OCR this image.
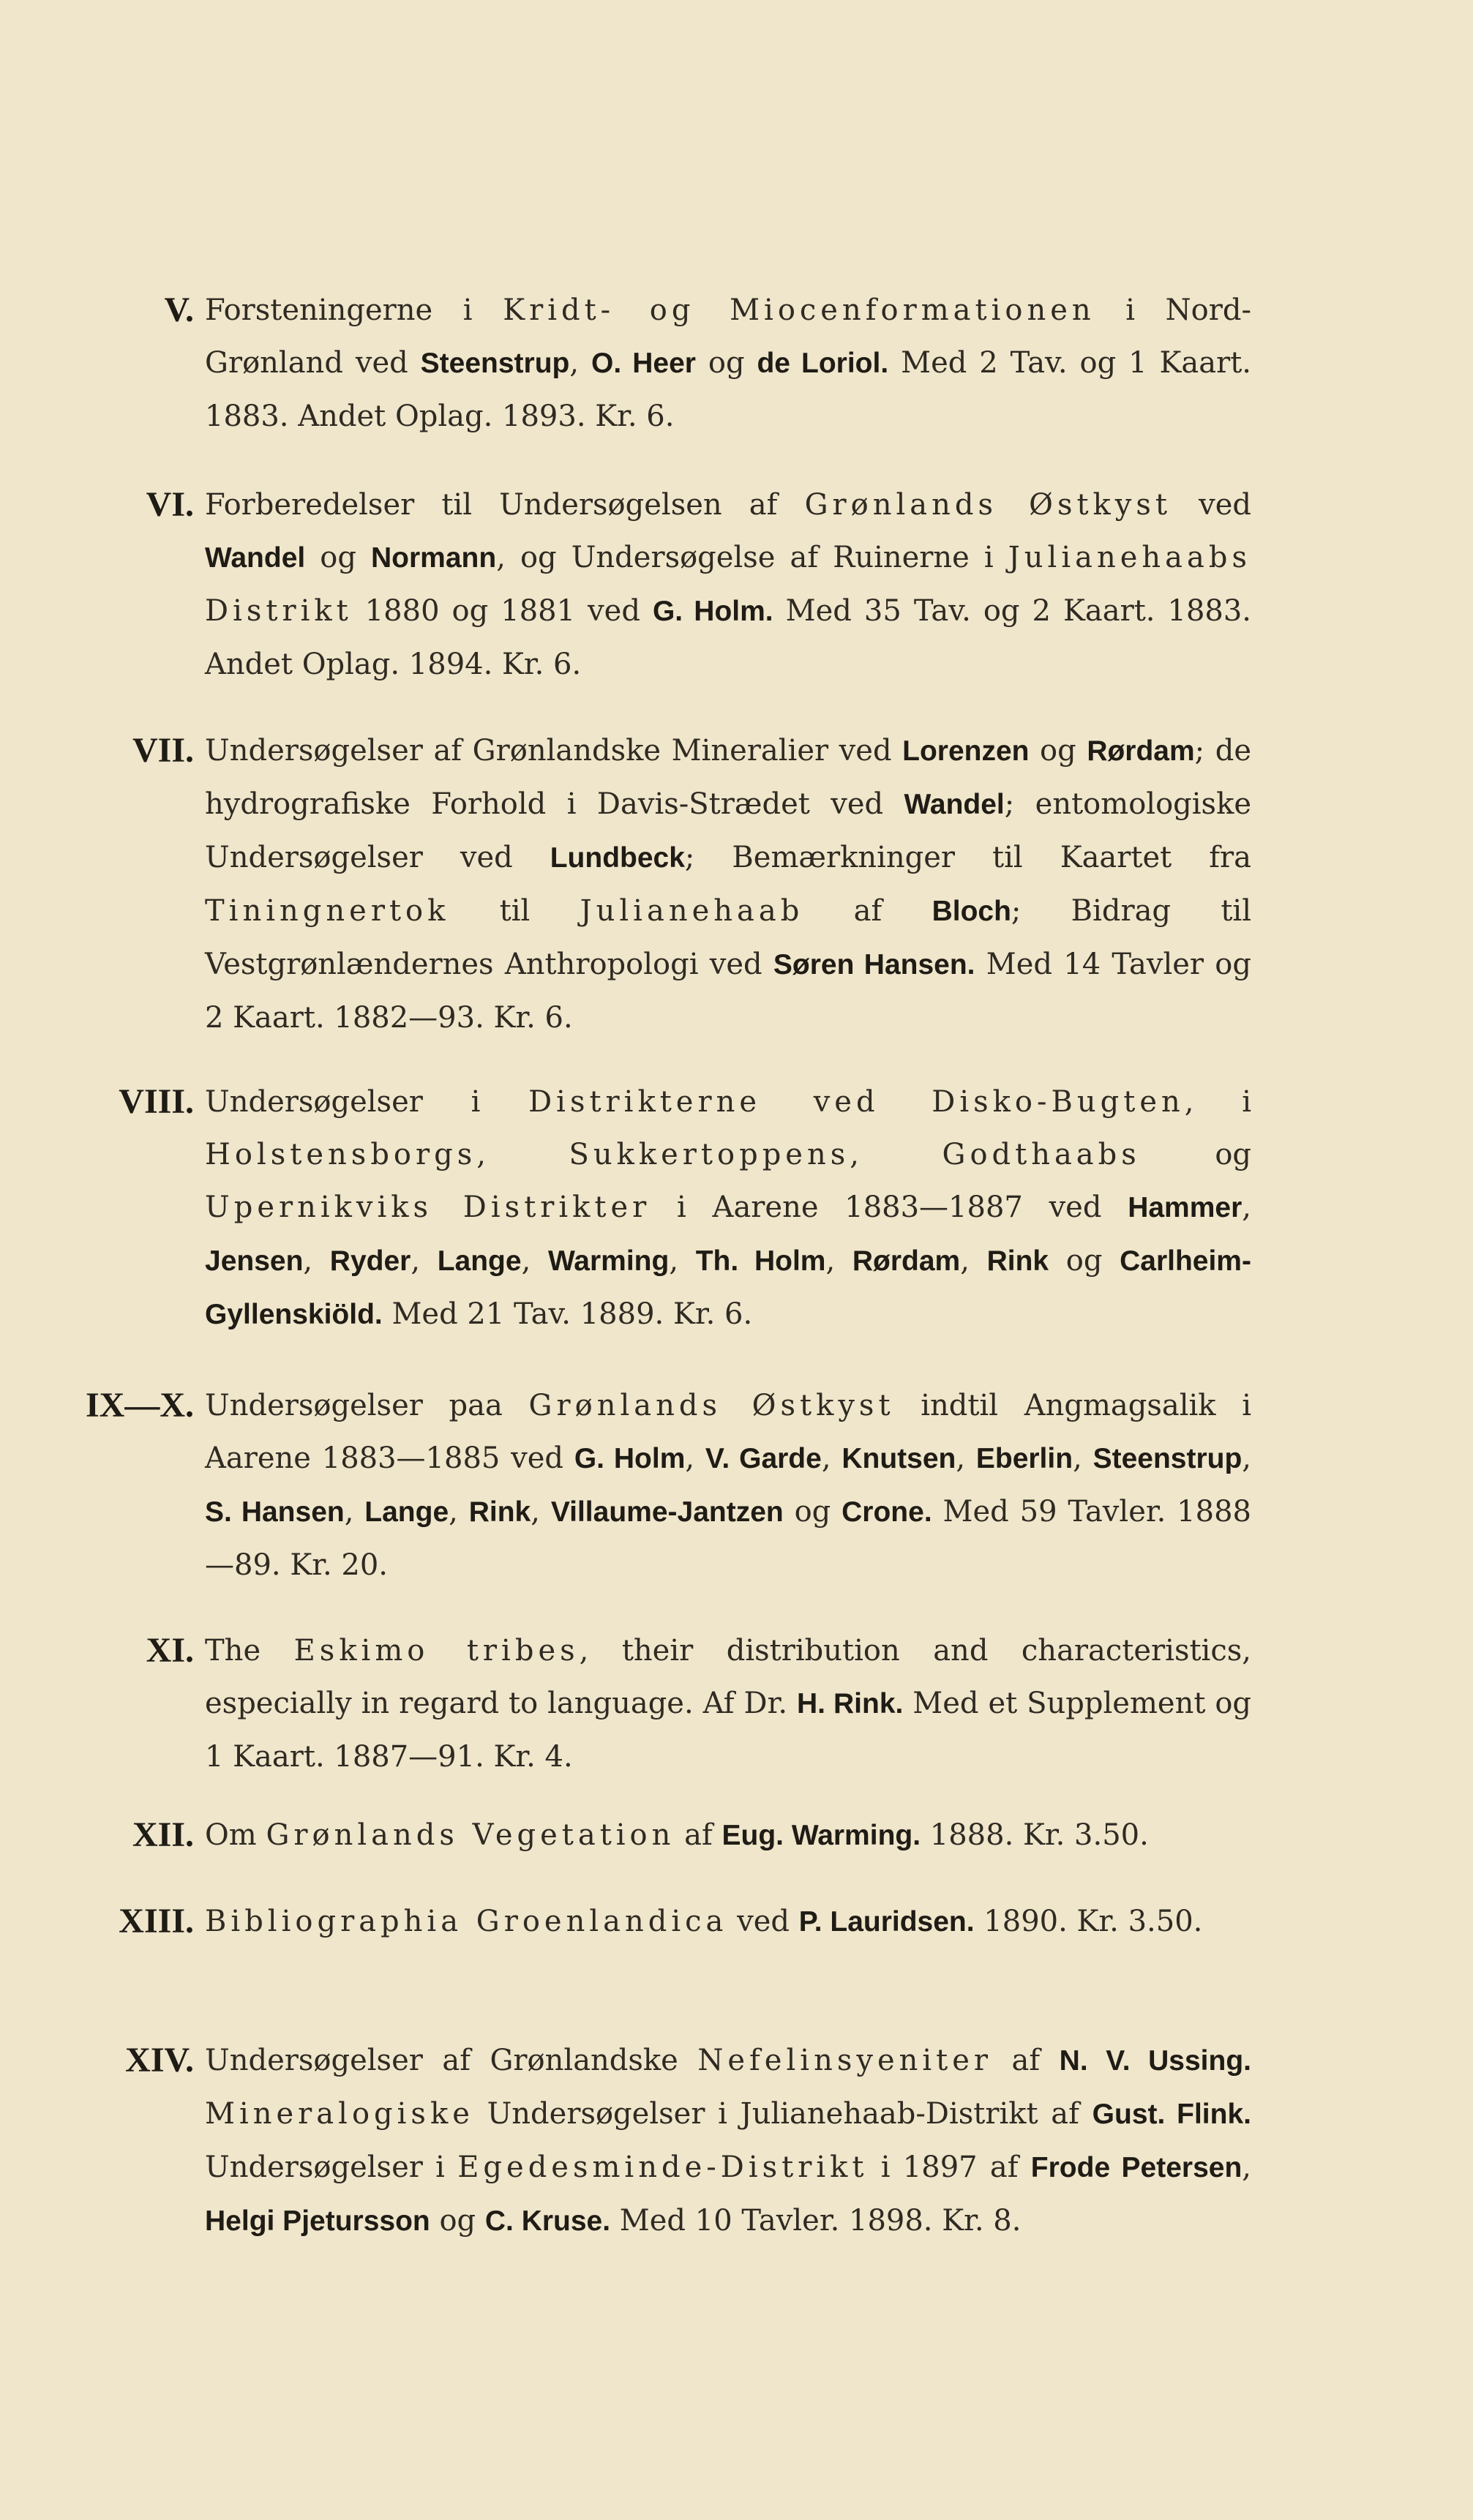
V. Forsteningerne i Kridt- og Miocenformationen i Nord-Grønland ved Steenstrup, O. Heer og de Loriol. Med 2 Tav. og 1 Kaart. 1883. Andet Oplag. 1893. Kr. 6.
VI. Forberedelser til Undersøgelsen af Grønlands Østkyst ved Wandel og Normann, og Undersøgelse af Ruinerne i Julianehaabs Distrikt 1880 og 1881 ved G. Holm. Med 35 Tav. og 2 Kaart. 1883. Andet Oplag. 1894. Kr. 6.
VII. Undersøgelser af Grønlandske Mineralier ved Lorenzen og Rørdam; de hydrografiske Forhold i Davis-Strædet ved Wandel; entomologiske Undersøgelser ved Lundbeck; Bemærkninger til Kaartet fra Tiningnertok til Julianehaab af Bloch; Bidrag til Vestgrønlændernes Anthropologi ved Søren Hansen. Med 14 Tavler og 2 Kaart. 1882—93. Kr. 6.
VIII. Undersøgelser i Distrikterne ved Disko-Bugten, i Holstensborgs, Sukkertoppens, Godthaabs og Upernikviks Distrikter i Aarene 1883—1887 ved Hammer, Jensen, Ryder, Lange, Warming, Th. Holm, Rørdam, Rink og Carlheim-Gyllenskiöld. Med 21 Tav. 1889. Kr. 6.
IX—X. Undersøgelser paa Grønlands Østkyst indtil Angmagsalik i Aarene 1883—1885 ved G. Holm, V. Garde, Knutsen, Eberlin, Steenstrup, S. Hansen, Lange, Rink, Villaume-Jantzen og Crone. Med 59 Tavler. 1888—89. Kr. 20.
XI. The Eskimo tribes, their distribution and characteristics, especially in regard to language. Af Dr. H. Rink. Med et Supplement og 1 Kaart. 1887—91. Kr. 4.
XII. Om Grønlands Vegetation af Eug. Warming. 1888. Kr. 3.50.
XIII. Bibliographia Groenlandica ved P. Lauridsen. 1890. Kr. 3.50.
XIV. Undersøgelser af Grønlandske Nefelinsyeniter af N. V. Ussing. Mineralogiske Undersøgelser i Julianehaab-Distrikt af Gust. Flink. Undersøgelser i Egedesminde-Distrikt i 1897 af Frode Petersen, Helgi Pjetursson og C. Kruse. Med 10 Tavler. 1898. Kr. 8.
